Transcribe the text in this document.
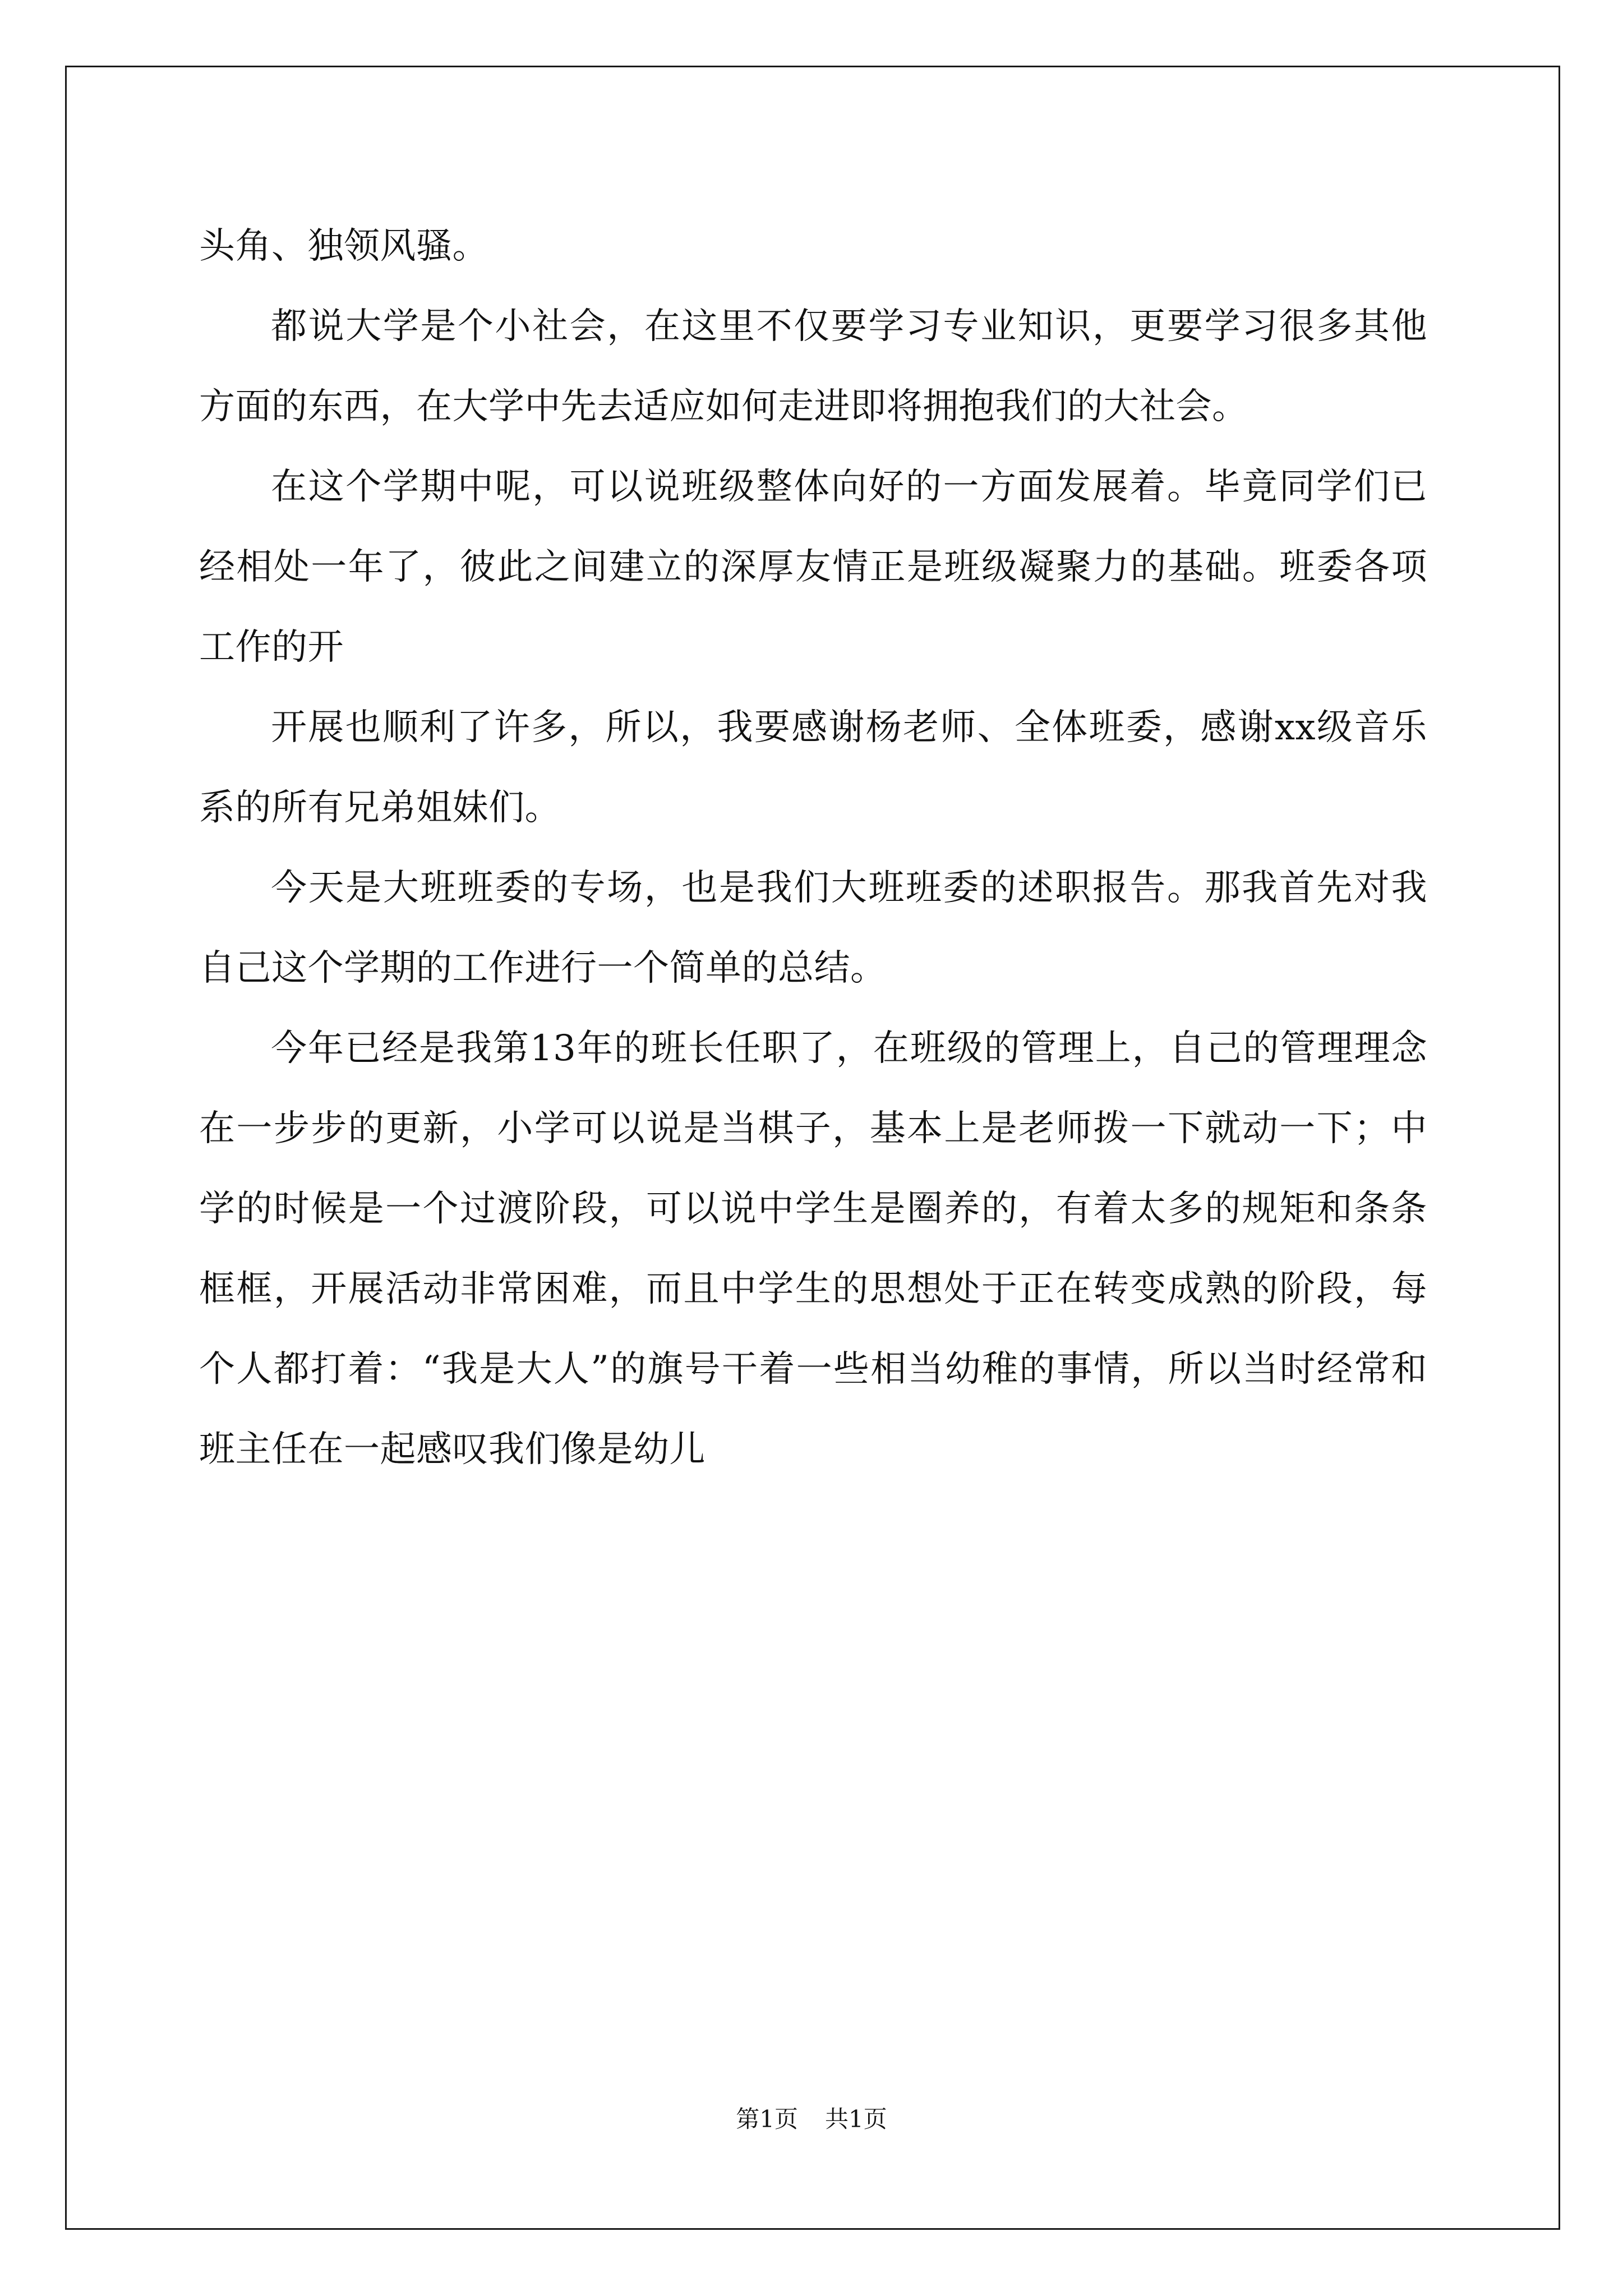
头角、独领风骚。

都说大学是个小社会，在这里不仅要学习专业知识，更要学习很多其他方面的东西，在大学中先去适应如何走进即将拥抱我们的大社会。

在这个学期中呢，可以说班级整体向好的一方面发展着。毕竟同学们已经相处一年了，彼此之间建立的深厚友情正是班级凝聚力的基础。班委各项工作的开

开展也顺利了许多，所以，我要感谢杨老师、全体班委，感谢xx级音乐系的所有兄弟姐妹们。

今天是大班班委的专场，也是我们大班班委的述职报告。那我首先对我自己这个学期的工作进行一个简单的总结。

今年已经是我第13年的班长任职了，在班级的管理上，自己的管理理念在一步步的更新，小学可以说是当棋子，基本上是老师拨一下就动一下；中学的时候是一个过渡阶段，可以说中学生是圈养的，有着太多的规矩和条条框框，开展活动非常困难，而且中学生的思想处于正在转变成熟的阶段，每个人都打着：“我是大人”的旗号干着一些相当幼稚的事情，所以当时经常和班主任在一起感叹我们像是幼儿

第1页 共1页
